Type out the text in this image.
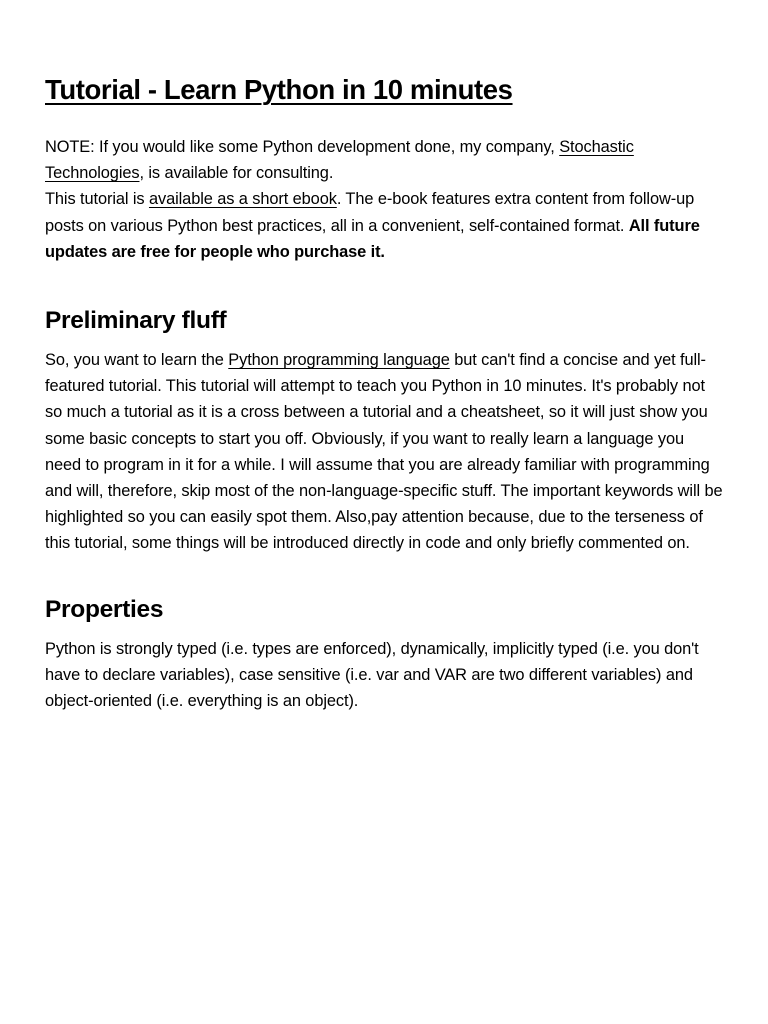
Tutorial - Learn Python in 10 minutes

NOTE: If you would like some Python development done, my company, Stochastic Technologies, is available for consulting.

This tutorial is available as a short ebook. The e-book features extra content from follow-up posts on various Python best practices, all in a convenient, self-contained format. All future updates are free for people who purchase it.

Preliminary fluff

So, you want to learn the Python programming language but can't find a concise and yet full-featured tutorial. This tutorial will attempt to teach you Python in 10 minutes. It's probably not so much a tutorial as it is a cross between a tutorial and a cheatsheet, so it will just show you some basic concepts to start you off. Obviously, if you want to really learn a language you need to program in it for a while. I will assume that you are already familiar with programming and will, therefore, skip most of the non-language-specific stuff. The important keywords will be highlighted so you can easily spot them. Also,pay attention because, due to the terseness of this tutorial, some things will be introduced directly in code and only briefly commented on.

Properties

Python is strongly typed (i.e. types are enforced), dynamically, implicitly typed (i.e. you don't have to declare variables), case sensitive (i.e. var and VAR are two different variables) and object-oriented (i.e. everything is an object).
